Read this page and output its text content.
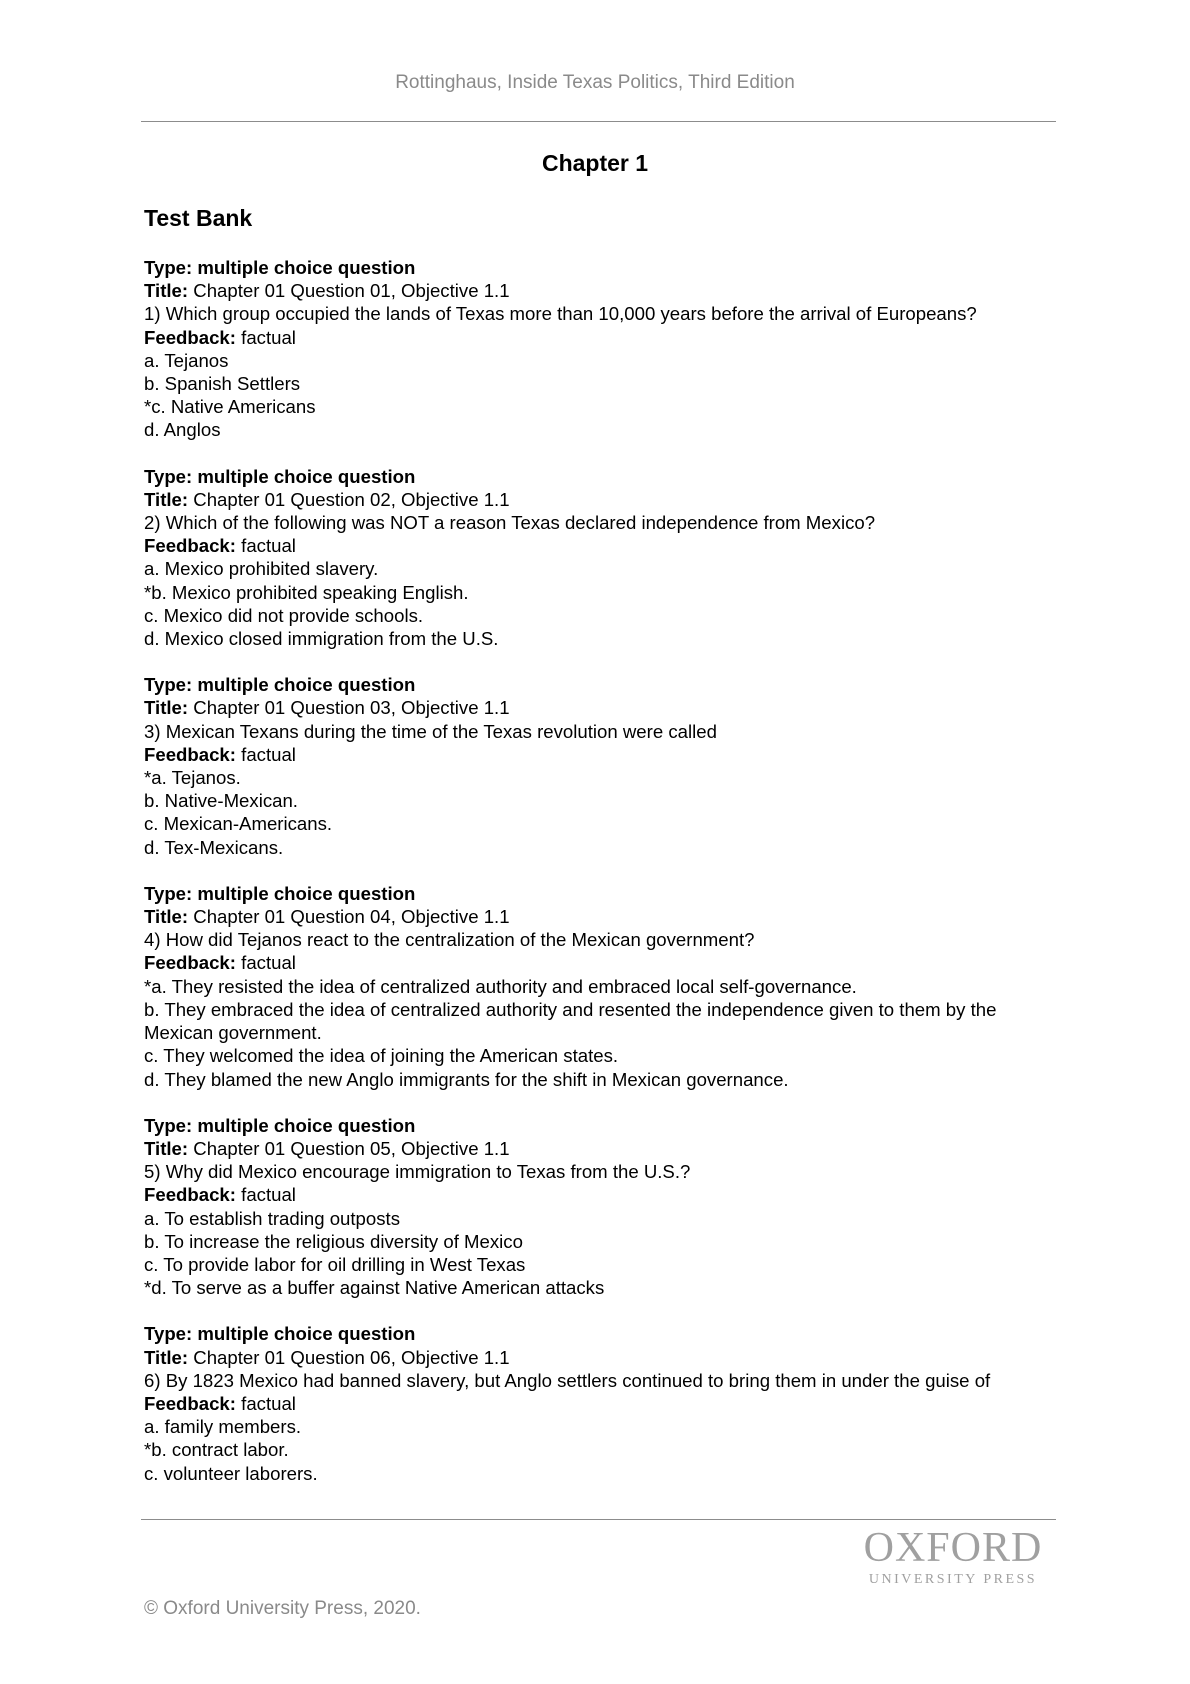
Rottinghaus, Inside Texas Politics, Third Edition
Chapter 1
Test Bank
Type: multiple choice question
Title: Chapter 01 Question 01, Objective 1.1
1) Which group occupied the lands of Texas more than 10,000 years before the arrival of Europeans?
Feedback: factual
a. Tejanos
b. Spanish Settlers
*c. Native Americans
d. Anglos
Type: multiple choice question
Title: Chapter 01 Question 02, Objective 1.1
2) Which of the following was NOT a reason Texas declared independence from Mexico?
Feedback: factual
a. Mexico prohibited slavery.
*b. Mexico prohibited speaking English.
c. Mexico did not provide schools.
d. Mexico closed immigration from the U.S.
Type: multiple choice question
Title: Chapter 01 Question 03, Objective 1.1
3) Mexican Texans during the time of the Texas revolution were called
Feedback: factual
*a. Tejanos.
b. Native-Mexican.
c. Mexican-Americans.
d. Tex-Mexicans.
Type: multiple choice question
Title: Chapter 01 Question 04, Objective 1.1
4) How did Tejanos react to the centralization of the Mexican government?
Feedback: factual
*a. They resisted the idea of centralized authority and embraced local self-governance.
b. They embraced the idea of centralized authority and resented the independence given to them by the Mexican government.
c. They welcomed the idea of joining the American states.
d. They blamed the new Anglo immigrants for the shift in Mexican governance.
Type: multiple choice question
Title: Chapter 01 Question 05, Objective 1.1
5) Why did Mexico encourage immigration to Texas from the U.S.?
Feedback: factual
a. To establish trading outposts
b. To increase the religious diversity of Mexico
c. To provide labor for oil drilling in West Texas
*d. To serve as a buffer against Native American attacks
Type: multiple choice question
Title: Chapter 01 Question 06, Objective 1.1
6) By 1823 Mexico had banned slavery, but Anglo settlers continued to bring them in under the guise of
Feedback: factual
a. family members.
*b. contract labor.
c. volunteer laborers.
OXFORD
UNIVERSITY PRESS
© Oxford University Press, 2020.
